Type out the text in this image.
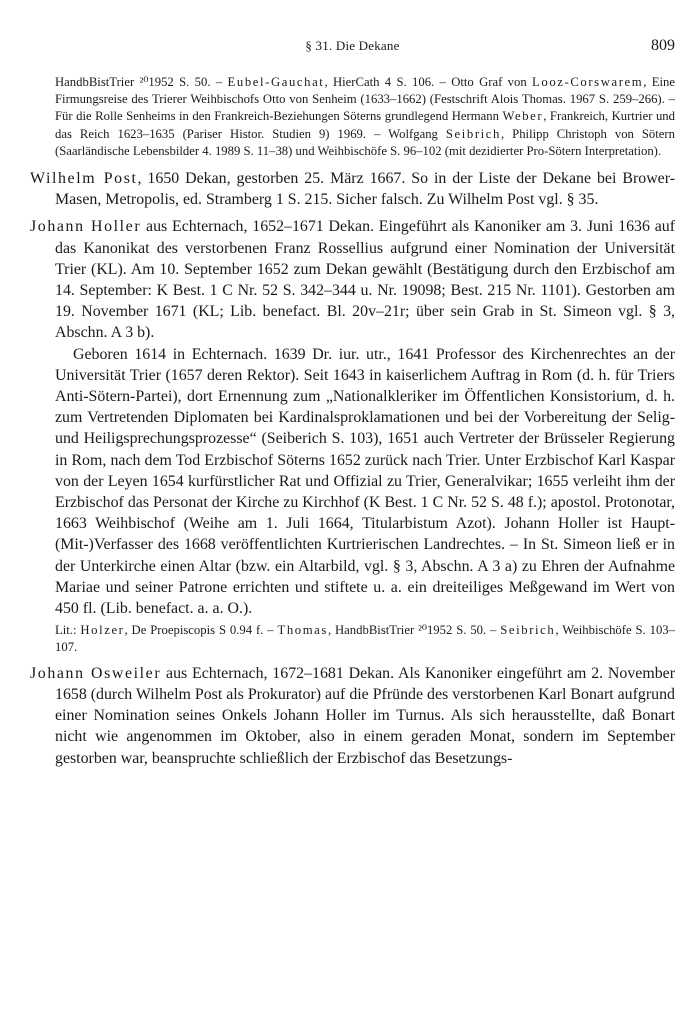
§ 31. Die Dekane	809

HandbBistTrier ²⁰1952 S. 50. – Eubel-Gauchat, HierCath 4 S. 106. – Otto Graf von Looz-Corswarem, Eine Firmungsreise des Trierer Weihbischofs Otto von Senheim (1633–1662) (Festschrift Alois Thomas. 1967 S. 259–266). – Für die Rolle Senheims in den Frankreich-Beziehungen Söterns grundlegend Hermann Weber, Frankreich, Kurtrier und das Reich 1623–1635 (Pariser Histor. Studien 9) 1969. – Wolfgang Seibrich, Philipp Christoph von Sötern (Saarländische Lebensbilder 4. 1989 S. 11–38) und Weihbischöfe S. 96–102 (mit dezidierter Pro-Sötern Interpretation).

Wilhelm Post, 1650 Dekan, gestorben 25. März 1667. So in der Liste der Dekane bei Brower-Masen, Metropolis, ed. Stramberg 1 S. 215. Sicher falsch. Zu Wilhelm Post vgl. § 35.

Johann Holler aus Echternach, 1652–1671 Dekan. Eingeführt als Kanoniker am 3. Juni 1636 auf das Kanonikat des verstorbenen Franz Rossellius aufgrund einer Nomination der Universität Trier (KL). Am 10. September 1652 zum Dekan gewählt (Bestätigung durch den Erzbischof am 14. September: K Best. 1 C Nr. 52 S. 342–344 u. Nr. 19098; Best. 215 Nr. 1101). Gestorben am 19. November 1671 (KL; Lib. benefact. Bl. 20v–21r; über sein Grab in St. Simeon vgl. § 3, Abschn. A 3 b).

Geboren 1614 in Echternach. 1639 Dr. iur. utr., 1641 Professor des Kirchenrechtes an der Universität Trier (1657 deren Rektor). Seit 1643 in kaiserlichem Auftrag in Rom (d. h. für Triers Anti-Sötern-Partei), dort Ernennung zum „Nationalkleriker im Öffentlichen Konsistorium, d. h. zum Vertretenden Diplomaten bei Kardinalsproklamationen und bei der Vorbereitung der Selig- und Heiligsprechungsprozesse“ (Seiberich S. 103), 1651 auch Vertreter der Brüsseler Regierung in Rom, nach dem Tod Erzbischof Söterns 1652 zurück nach Trier. Unter Erzbischof Karl Kaspar von der Leyen 1654 kurfürstlicher Rat und Offizial zu Trier, Generalvikar; 1655 verleiht ihm der Erzbischof das Personat der Kirche zu Kirchhof (K Best. 1 C Nr. 52 S. 48 f.); apostol. Protonotar, 1663 Weihbischof (Weihe am 1. Juli 1664, Titularbistum Azot). Johann Holler ist Haupt-(Mit-)Verfasser des 1668 veröffentlichten Kurtrierischen Landrechtes. – In St. Simeon ließ er in der Unterkirche einen Altar (bzw. ein Altarbild, vgl. § 3, Abschn. A 3 a) zu Ehren der Aufnahme Mariae und seiner Patrone errichten und stiftete u. a. ein dreiteiliges Meßgewand im Wert von 450 fl. (Lib. benefact. a. a. O.).

Lit.: Holzer, De Proepiscopis S 0.94 f. – Thomas, HandbBistTrier ²⁰1952 S. 50. – Seibrich, Weihbischöfe S. 103–107.

Johann Osweiler aus Echternach, 1672–1681 Dekan. Als Kanoniker eingeführt am 2. November 1658 (durch Wilhelm Post als Prokurator) auf die Pfründe des verstorbenen Karl Bonart aufgrund einer Nomination seines Onkels Johann Holler im Turnus. Als sich herausstellte, daß Bonart nicht wie angenommen im Oktober, also in einem geraden Monat, sondern im September gestorben war, beanspruchte schließlich der Erzbischof das Besetzungs-
